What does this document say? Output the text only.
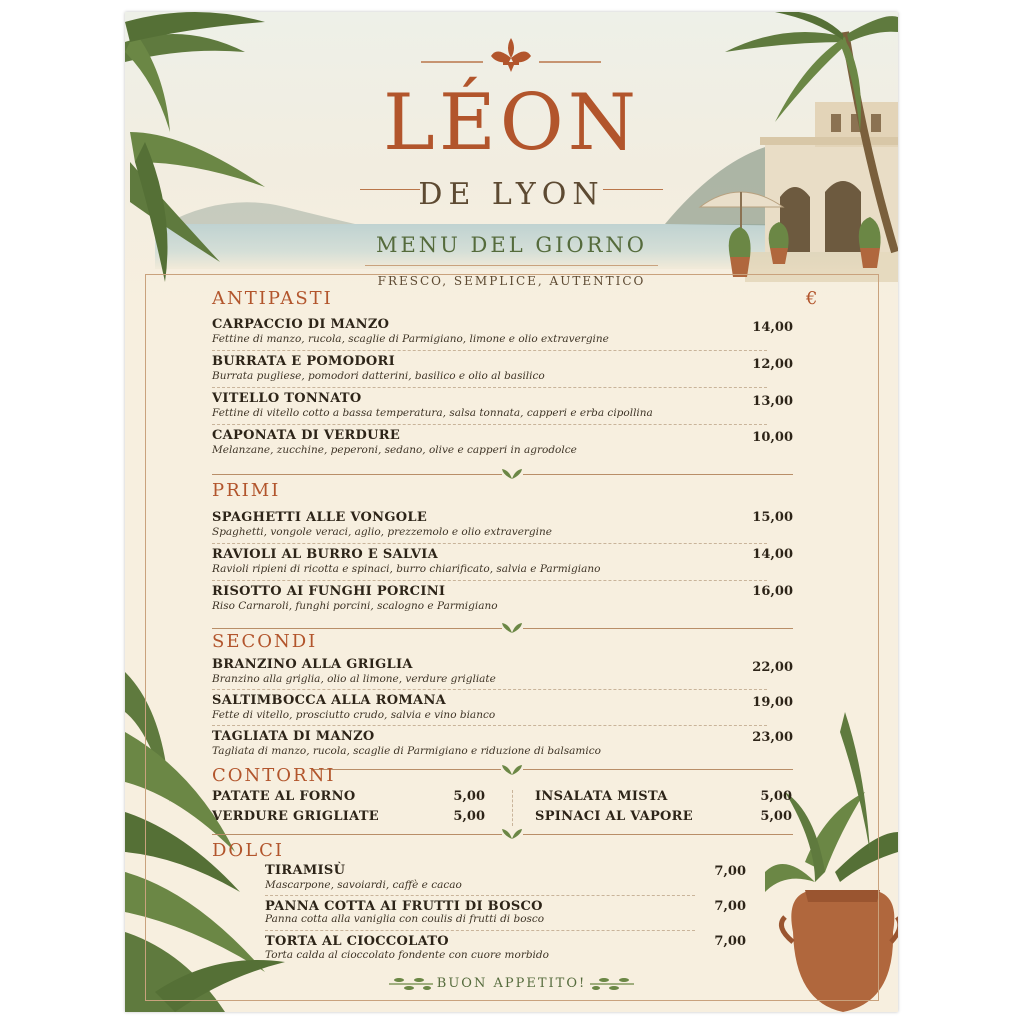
LÉON
DE LYON
MENU DEL GIORNO
FRESCO, SEMPLICE, AUTENTICO
€
ANTIPASTI
CARPACCIO DI MANZO
Fettine di manzo, rucola, scaglie di Parmigiano, limone e olio extravergine
14,00
BURRATA E POMODORI
Burrata pugliese, pomodori datterini, basilico e olio al basilico
12,00
VITELLO TONNATO
Fettine di vitello cotto a bassa temperatura, salsa tonnata, capperi e erba cipollina
13,00
CAPONATA DI VERDURE
Melanzane, zucchine, peperoni, sedano, olive e capperi in agrodolce
10,00
PRIMI
SPAGHETTI ALLE VONGOLE
Spaghetti, vongole veraci, aglio, prezzemolo e olio extravergine
15,00
RAVIOLI AL BURRO E SALVIA
Ravioli ripieni di ricotta e spinaci, burro chiarificato, salvia e Parmigiano
14,00
RISOTTO AI FUNGHI PORCINI
Riso Carnaroli, funghi porcini, scalogno e Parmigiano
16,00
SECONDI
BRANZINO ALLA GRIGLIA
Branzino alla griglia, olio al limone, verdure grigliate
22,00
SALTIMBOCCA ALLA ROMANA
Fette di vitello, prosciutto crudo, salvia e vino bianco
19,00
TAGLIATA DI MANZO
Tagliata di manzo, rucola, scaglie di Parmigiano e riduzione di balsamico
23,00
CONTORNI
PATATE AL FORNO	5,00
VERDURE GRIGLIATE	5,00
INSALATA MISTA	5,00
SPINACI AL VAPORE	5,00
DOLCI
TIRAMISÙ
Mascarpone, savoiardi, caffè e cacao
7,00
PANNA COTTA AI FRUTTI DI BOSCO
Panna cotta alla vaniglia con coulis di frutti di bosco
7,00
TORTA AL CIOCCOLATO
Torta calda al cioccolato fondente con cuore morbido
7,00
BUON APPETITO!
